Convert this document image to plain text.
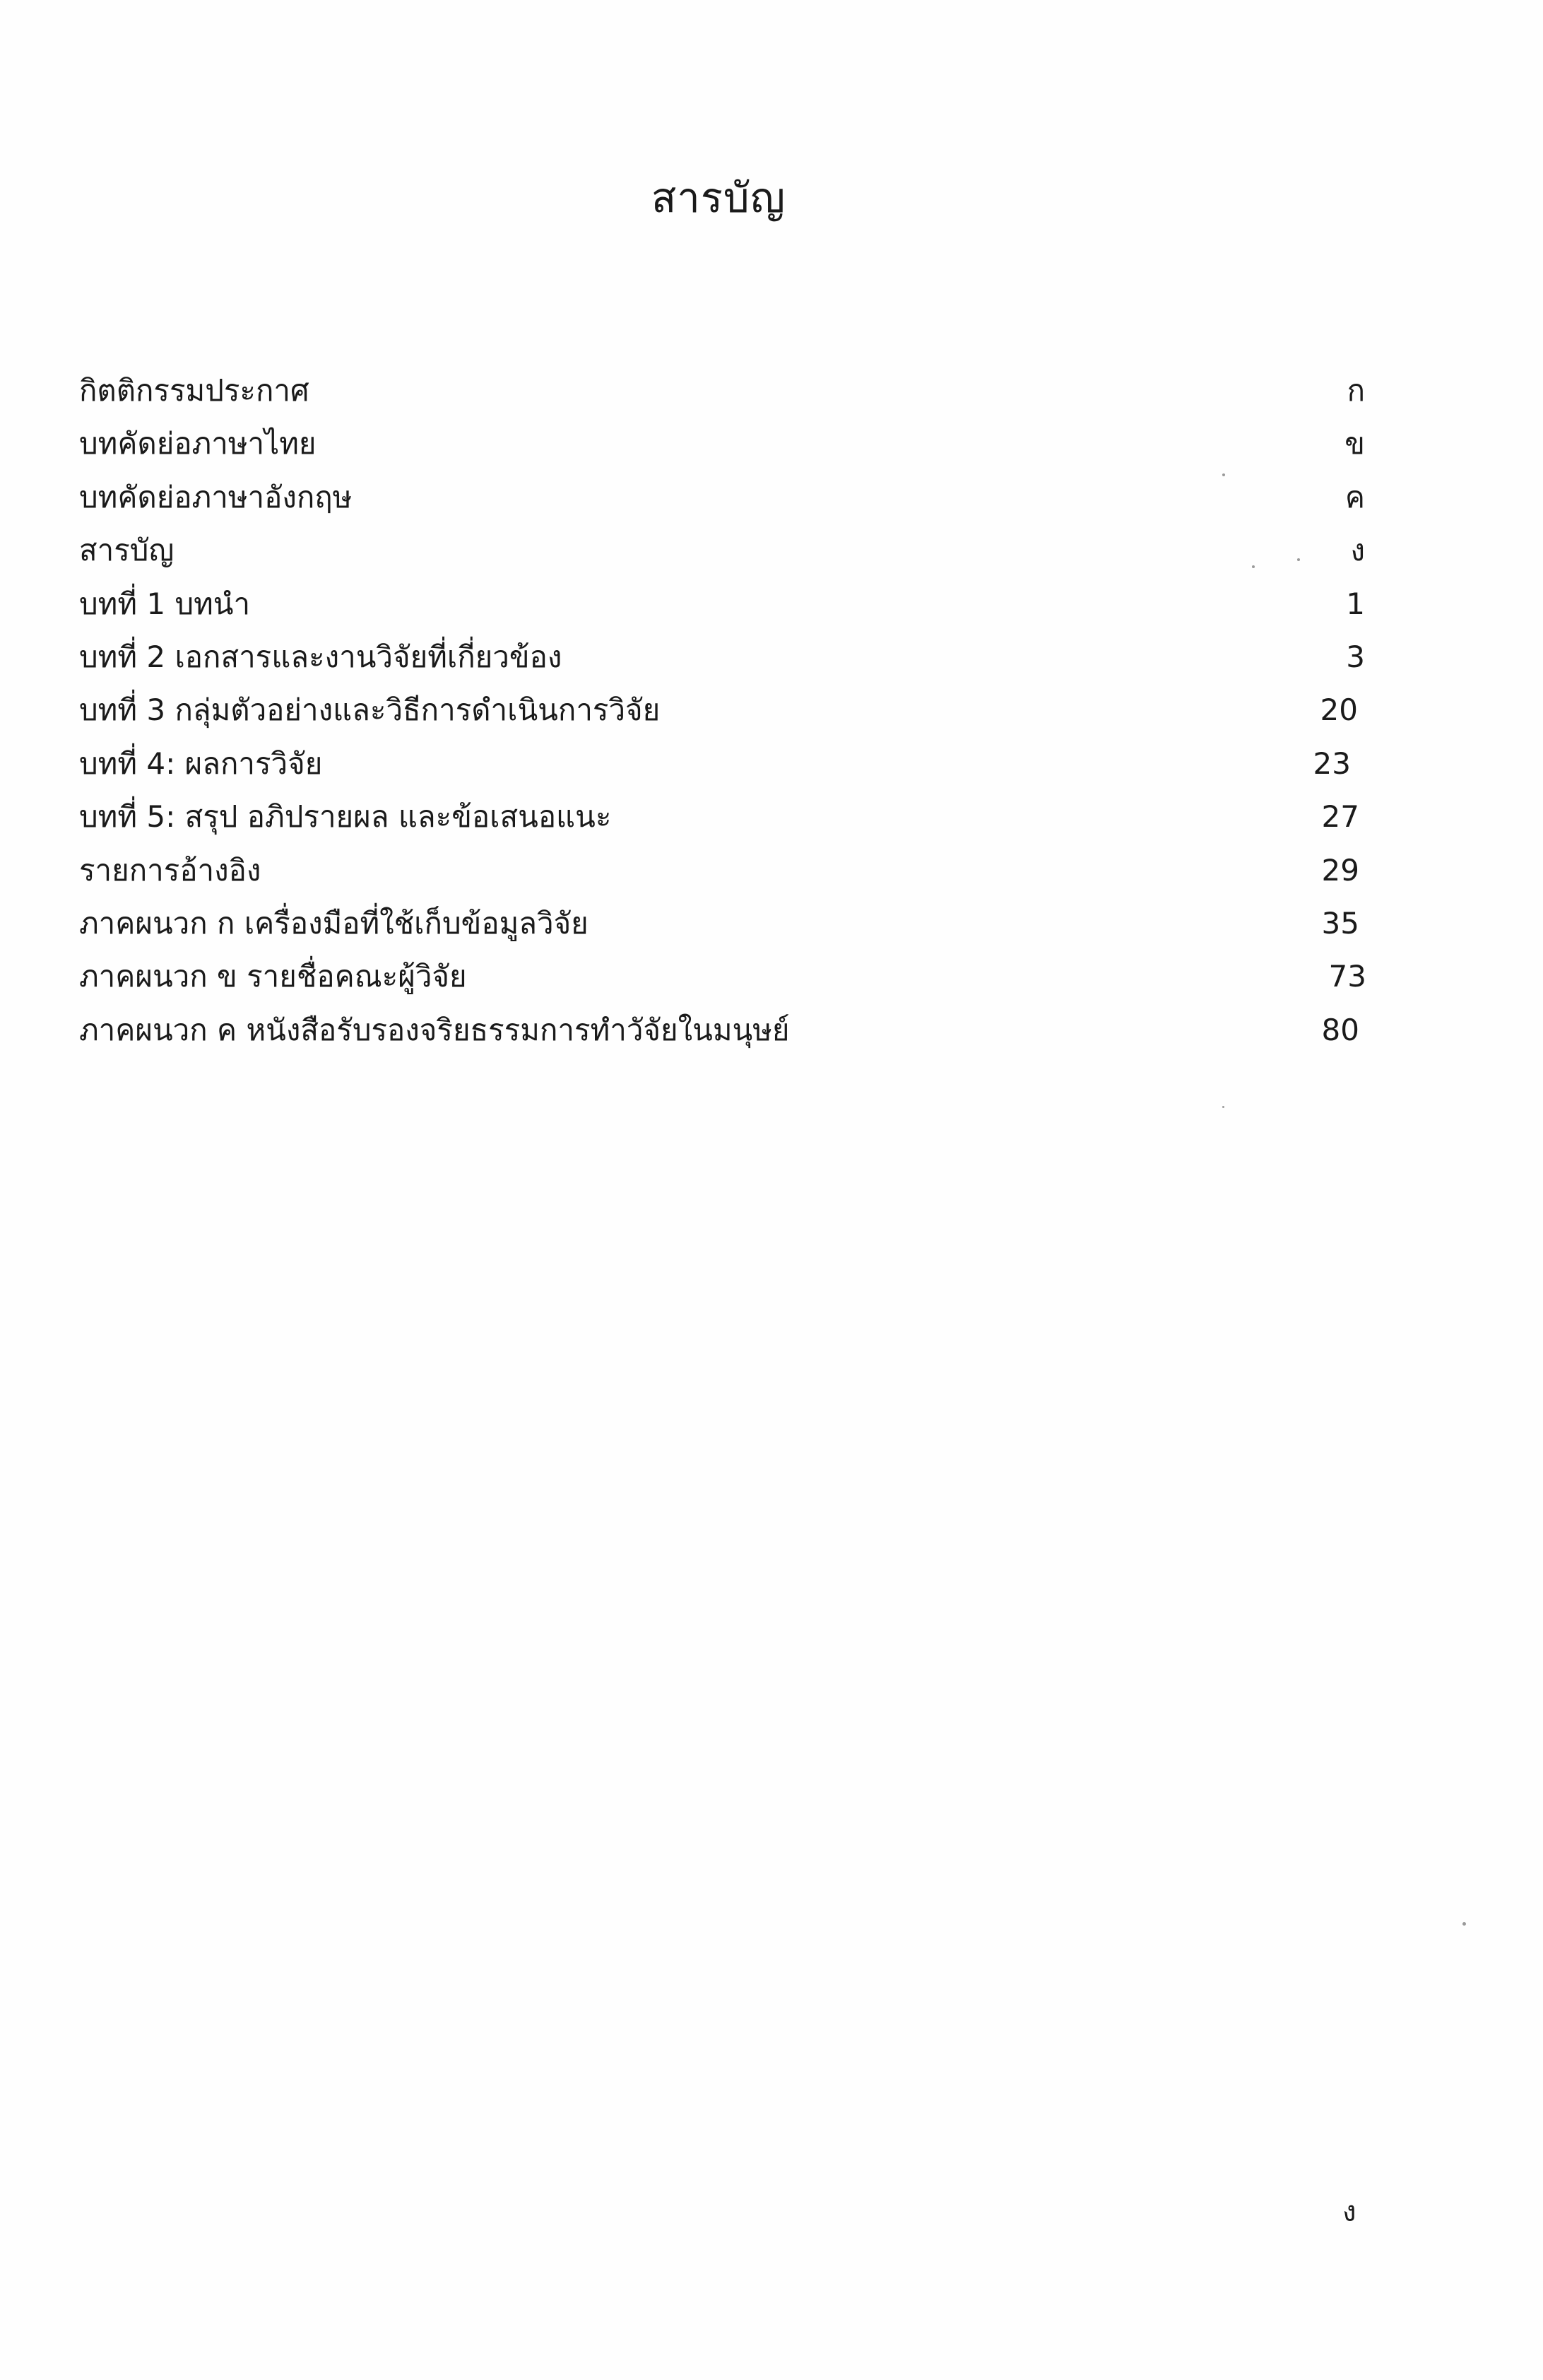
สารบัญ
กิตติกรรมประกาศ	ก
บทคัดย่อภาษาไทย	ข
บทคัดย่อภาษาอังกฤษ	ค
สารบัญ	ง
บทที่ 1 บทนำ	1
บทที่ 2 เอกสารและงานวิจัยที่เกี่ยวข้อง	3
บทที่ 3 กลุ่มตัวอย่างและวิธีการดำเนินการวิจัย	20
บทที่ 4: ผลการวิจัย	23
บทที่ 5: สรุป อภิปรายผล และข้อเสนอแนะ	27
รายการอ้างอิง	29
ภาคผนวก ก เครื่องมือที่ใช้เก็บข้อมูลวิจัย	35
ภาคผนวก ข รายชื่อคณะผู้วิจัย	73
ภาคผนวก ค หนังสือรับรองจริยธรรมการทำวัจัยในมนุษย์	80
ง
